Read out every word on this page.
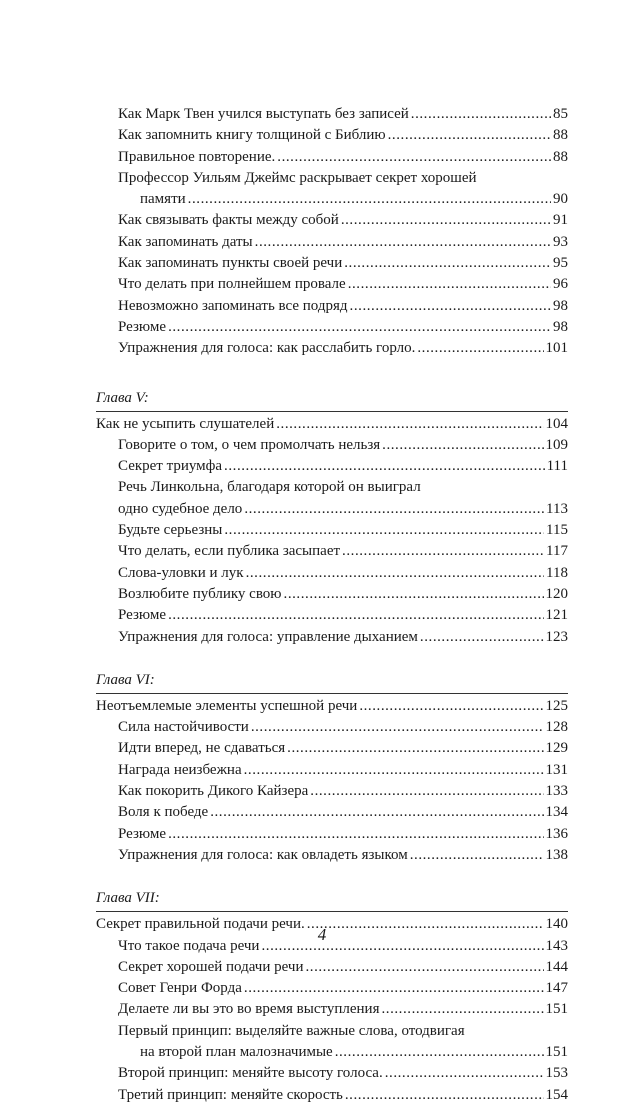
Как Марк Твен учился выступать без записей . . .	85
Как запомнить книгу толщиной с Библию . . .	88
Правильное повторение. . . .	88
Профессор Уильям Джеймс раскрывает секрет хорошей
памяти . . .	90
Как связывать факты между собой . . .	91
Как запоминать даты . . .	93
Как запоминать пункты своей речи . . .	95
Что делать при полнейшем провале . . .	96
Невозможно запоминать все подряд . . .	98
Резюме . . .	98
Упражнения для голоса: как расслабить горло. . . .	101
Глава V:
Как не усыпить слушателей . . .	104
Говорите о том, о чем промолчать нельзя . . .	109
Секрет триумфа . . .	111
Речь Линкольна, благодаря которой он выиграл
одно судебное дело . . .	113
Будьте серьезны . . .	115
Что делать, если публика засыпает . . .	117
Слова-уловки и лук . . .	118
Возлюбите публику свою . . .	120
Резюме . . .	121
Упражнения для голоса: управление дыханием . . .	123
Глава VI:
Неотъемлемые элементы успешной речи . . .	125
Сила настойчивости . . .	128
Идти вперед, не сдаваться . . .	129
Награда неизбежна . . .	131
Как покорить Дикого Кайзера . . .	133
Воля к победе . . .	134
Резюме . . .	136
Упражнения для голоса: как овладеть языком . . .	138
Глава VII:
Секрет правильной подачи речи. . . .	140
Что такое подача речи . . .	143
Секрет хорошей подачи речи . . .	144
Совет Генри Форда . . .	147
Делаете ли вы это во время выступления . . .	151
Первый принцип: выделяйте важные слова, отодвигая
на второй план малозначимые . . .	151
Второй принцип: меняйте высоту голоса. . . .	153
Третий принцип: меняйте скорость . . .	154
4
